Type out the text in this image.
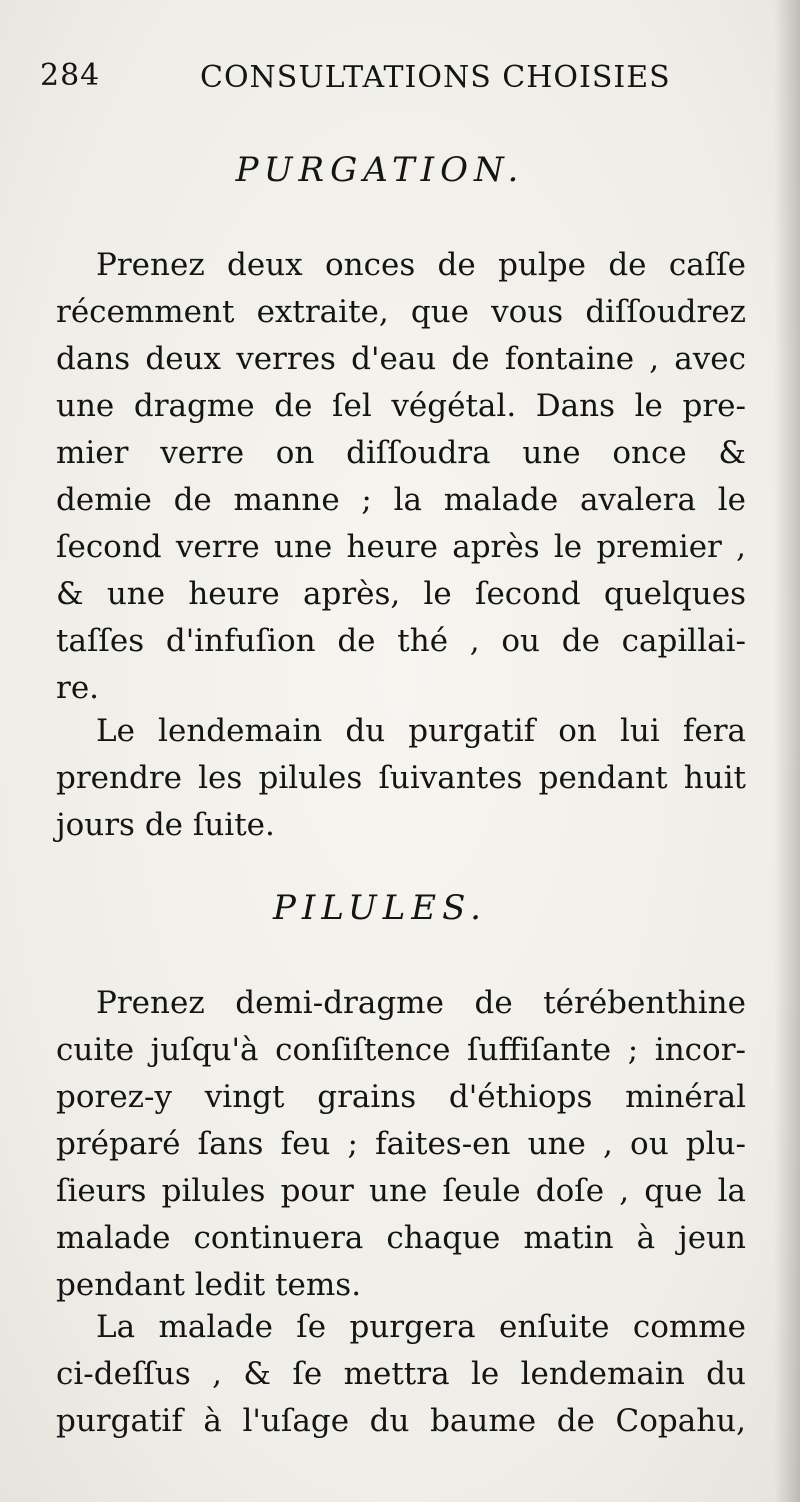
284	CONSULTATIONS CHOISIES
PURGATION.
Prenez deux onces de pulpe de caſſe
récemment extraite, que vous diſſoudrez
dans deux verres d'eau de fontaine , avec
une dragme de ſel végétal. Dans le pre-
mier verre on diſſoudra une once &
demie de manne ; la malade avalera le
ſecond verre une heure après le premier ,
& une heure après, le ſecond quelques
taſſes d'infuſion de thé , ou de capillai-
re.
Le lendemain du purgatif on lui fera
prendre les pilules ſuivantes pendant huit
jours de ſuite.
PILULES.
Prenez demi-dragme de térébenthine
cuite juſqu'à conſiſtence ſuffiſante ; incor-
porez-y vingt grains d'éthiops minéral
préparé ſans feu ; faites-en une , ou plu-
ſieurs pilules pour une ſeule doſe , que la
malade continuera chaque matin à jeun
pendant ledit tems.
La malade ſe purgera enſuite comme
ci-deſſus , & ſe mettra le lendemain du
purgatif à l'uſage du baume de Copahu,
